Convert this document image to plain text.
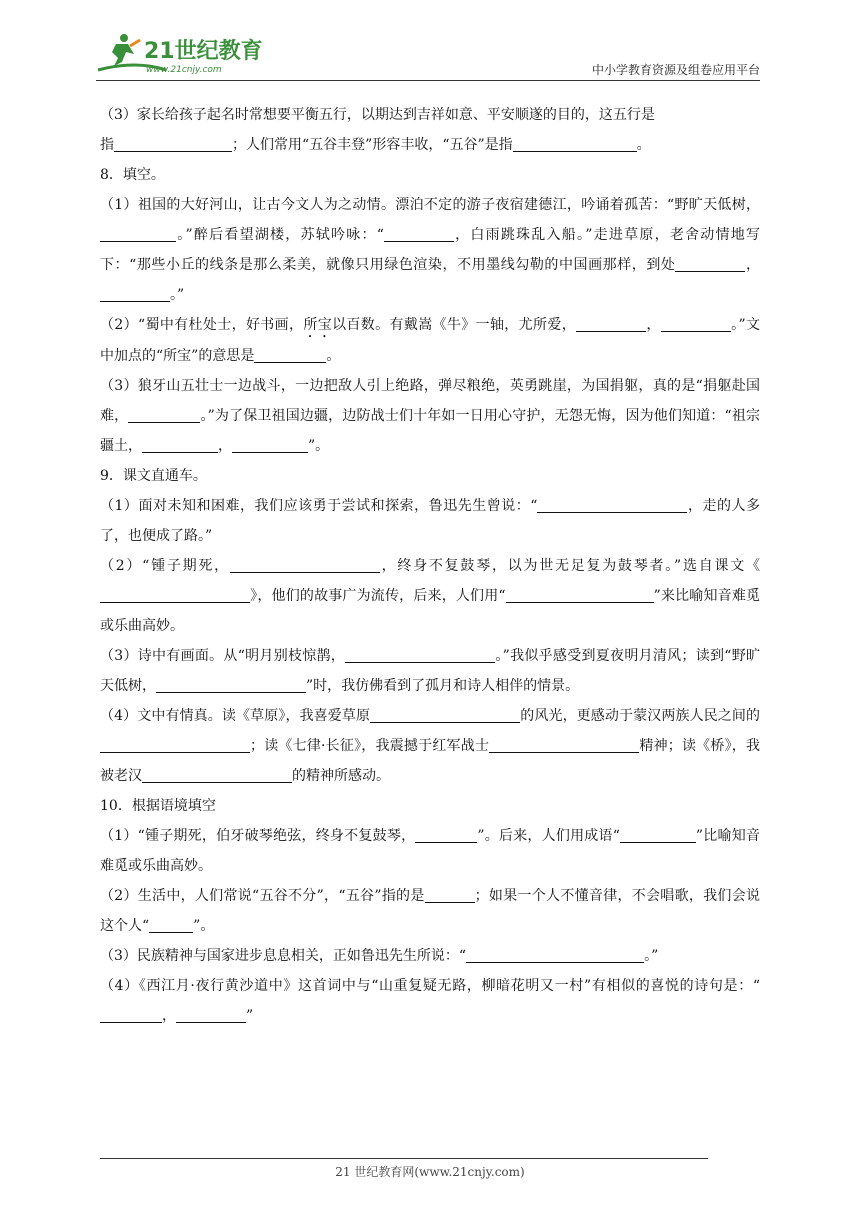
21世纪教育
www.21cnjy.com	中小学教育资源及组卷应用平台

（3）家长给孩子起名时常想要平衡五行，以期达到吉祥如意、平安顺遂的目的，这五行是
指	；人们常用“五谷丰登”形容丰收，“五谷”是指	。

8．填空。

（1）祖国的大好河山，让古今文人为之动情。漂泊不定的游子夜宿建德江，吟诵着孤苦：“野旷天低树，。”醉后看望湖楼，苏轼吟咏：“	，白雨跳珠乱入船。”走进草原，老舍动情地写下：“那些小丘的线条是那么柔美，就像只用绿色渲染，不用墨线勾勒的中国画那样，到处	，。”

（2）“蜀中有杜处士，好书画，所宝以百数。有戴嵩《牛》一轴，尤所爱，	，	。”文中加点的“所宝”的意思是	。

（3）狼牙山五壮士一边战斗，一边把敌人引上绝路，弹尽粮绝，英勇跳崖，为国捐躯，真的是“捐躯赴国难，	。”为了保卫祖国边疆，边防战士们十年如一日用心守护，无怨无悔，因为他们知道：“祖宗疆土，	，	”。

9．课文直通车。

（1）面对未知和困难，我们应该勇于尝试和探索，鲁迅先生曾说：“	，走的人多了，也便成了路。”

（2）“锺子期死，	，终身不复鼓琴，以为世无足复为鼓琴者。”选自课文《》，他们的故事广为流传，后来，人们用“	”来比喻知音难觅或乐曲高妙。

（3）诗中有画面。从“明月别枝惊鹊，	。”我似乎感受到夏夜明月清风；读到“野旷天低树，	”时，我仿佛看到了孤月和诗人相伴的情景。

（4）文中有情真。读《草原》，我喜爱草原	的风光，更感动于蒙汉两族人民之间的；读《七律·长征》，我震撼于红军战士	精神；读《桥》，我被老汉	的精神所感动。

10．根据语境填空

（1）“锺子期死，伯牙破琴绝弦，终身不复鼓琴，	”。后来，人们用成语“	”比喻知音难觅或乐曲高妙。

（2）生活中，人们常说“五谷不分”，“五谷”指的是	；如果一个人不懂音律，不会唱歌，我们会说这个人“	”。

（3）民族精神与国家进步息息相关，正如鲁迅先生所说：“	。”

（4）《西江月·夜行黄沙道中》这首词中与“山重复疑无路，柳暗花明又一村”有相似的喜悦的诗句是：“，	”

21 世纪教育网(www.21cnjy.com)
